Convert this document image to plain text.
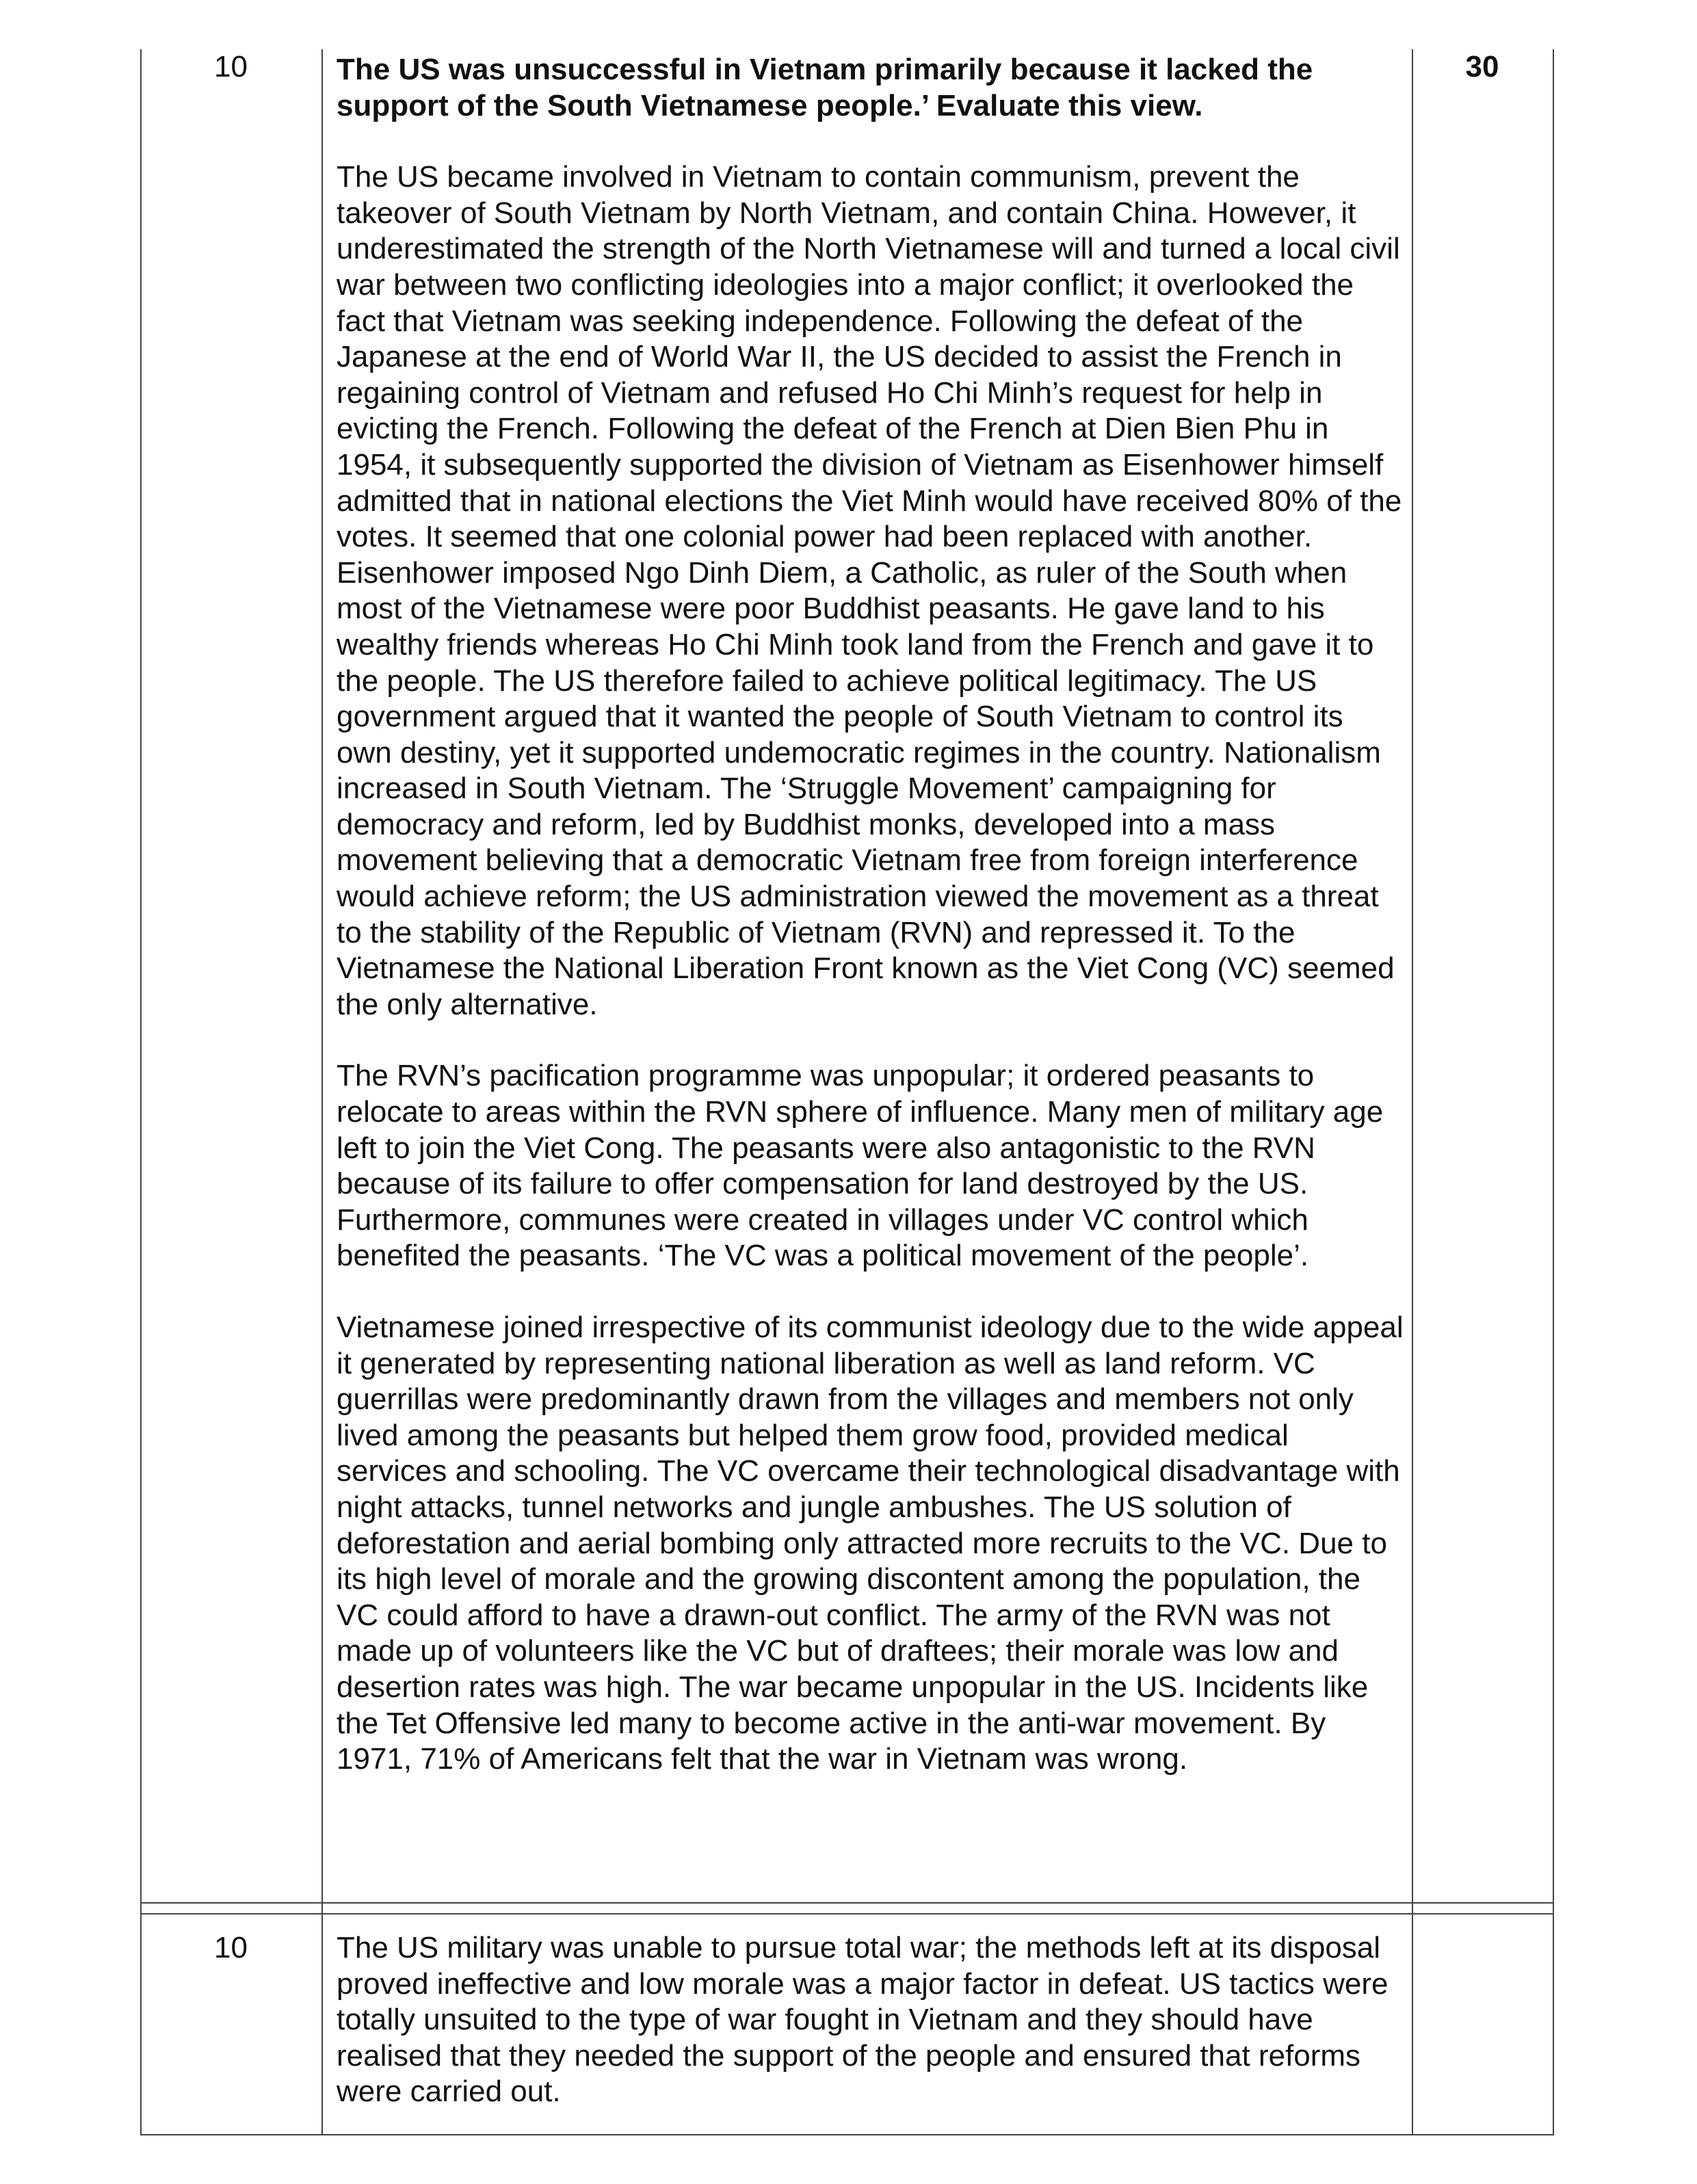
10	30

The US was unsuccessful in Vietnam primarily because it lacked the support of the South Vietnamese people.’ Evaluate this view.

The US became involved in Vietnam to contain communism, prevent the takeover of South Vietnam by North Vietnam, and contain China. However, it underestimated the strength of the North Vietnamese will and turned a local civil war between two conflicting ideologies into a major conflict; it overlooked the fact that Vietnam was seeking independence. Following the defeat of the Japanese at the end of World War II, the US decided to assist the French in regaining control of Vietnam and refused Ho Chi Minh’s request for help in evicting the French. Following the defeat of the French at Dien Bien Phu in 1954, it subsequently supported the division of Vietnam as Eisenhower himself admitted that in national elections the Viet Minh would have received 80% of the votes. It seemed that one colonial power had been replaced with another. Eisenhower imposed Ngo Dinh Diem, a Catholic, as ruler of the South when most of the Vietnamese were poor Buddhist peasants. He gave land to his wealthy friends whereas Ho Chi Minh took land from the French and gave it to the people. The US therefore failed to achieve political legitimacy. The US government argued that it wanted the people of South Vietnam to control its own destiny, yet it supported undemocratic regimes in the country. Nationalism increased in South Vietnam. The ‘Struggle Movement’ campaigning for democracy and reform, led by Buddhist monks, developed into a mass movement believing that a democratic Vietnam free from foreign interference would achieve reform; the US administration viewed the movement as a threat to the stability of the Republic of Vietnam (RVN) and repressed it. To the Vietnamese the National Liberation Front known as the Viet Cong (VC) seemed the only alternative.

The RVN’s pacification programme was unpopular; it ordered peasants to relocate to areas within the RVN sphere of influence. Many men of military age left to join the Viet Cong. The peasants were also antagonistic to the RVN because of its failure to offer compensation for land destroyed by the US. Furthermore, communes were created in villages under VC control which benefited the peasants. ‘The VC was a political movement of the people’.

Vietnamese joined irrespective of its communist ideology due to the wide appeal it generated by representing national liberation as well as land reform. VC guerrillas were predominantly drawn from the villages and members not only lived among the peasants but helped them grow food, provided medical services and schooling. The VC overcame their technological disadvantage with night attacks, tunnel networks and jungle ambushes. The US solution of deforestation and aerial bombing only attracted more recruits to the VC. Due to its high level of morale and the growing discontent among the population, the VC could afford to have a drawn-out conflict. The army of the RVN was not made up of volunteers like the VC but of draftees; their morale was low and desertion rates was high. The war became unpopular in the US. Incidents like the Tet Offensive led many to become active in the anti-war movement. By 1971, 71% of Americans felt that the war in Vietnam was wrong.

10	The US military was unable to pursue total war; the methods left at its disposal proved ineffective and low morale was a major factor in defeat. US tactics were totally unsuited to the type of war fought in Vietnam and they should have realised that they needed the support of the people and ensured that reforms were carried out.
